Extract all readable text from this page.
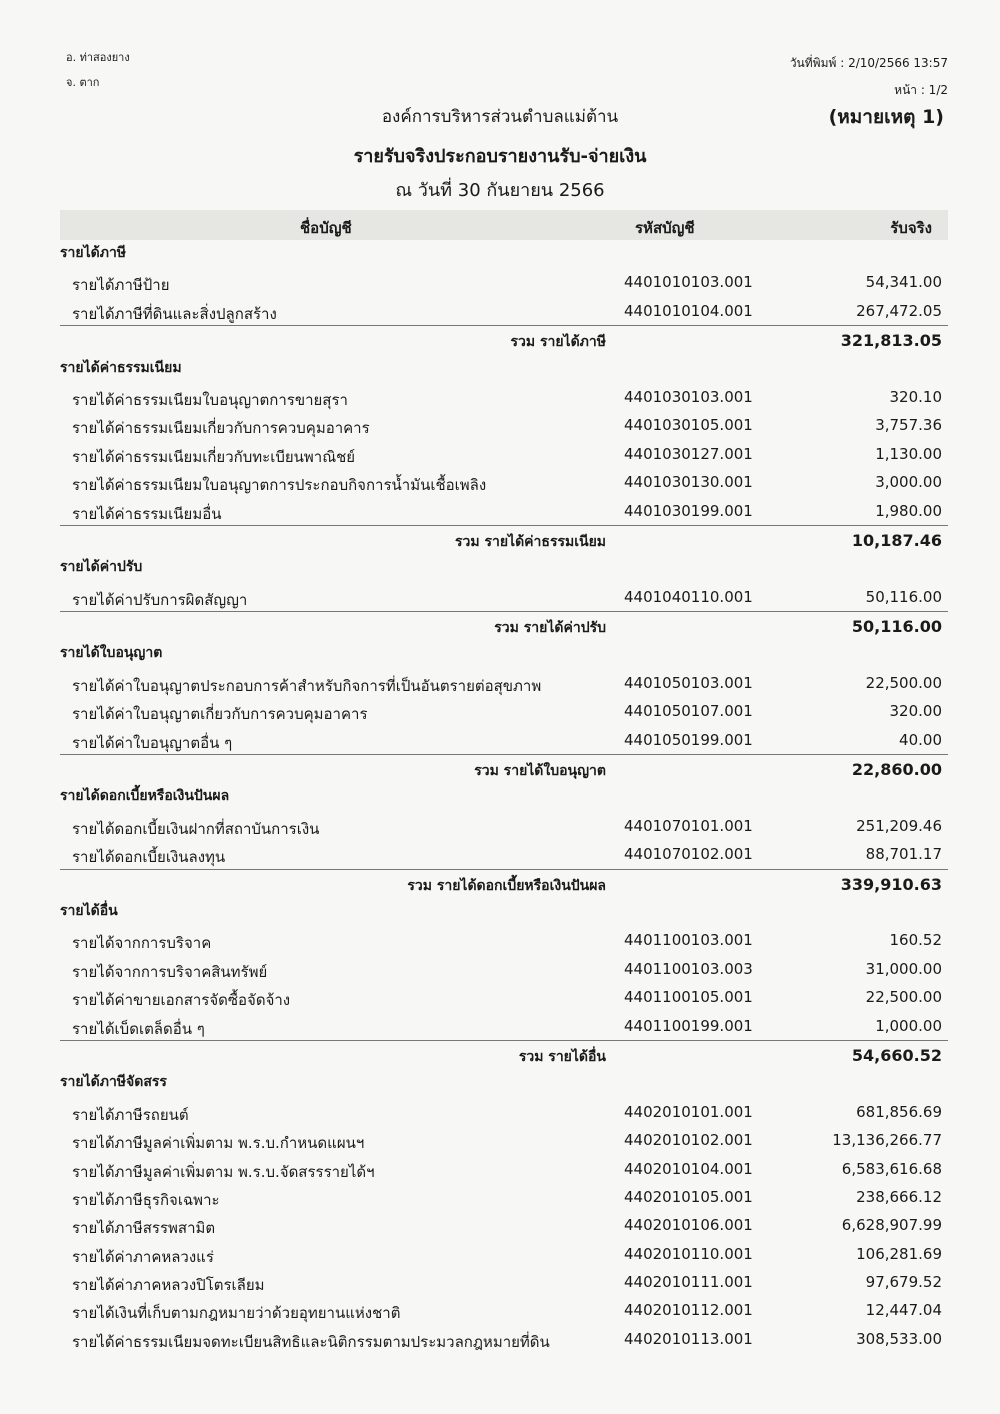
อ. ท่าสองยาง
จ. ตาก
วันที่พิมพ์ : 2/10/2566 13:57
หน้า : 1/2
องค์การบริหารส่วนตำบลแม่ต้าน	(หมายเหตุ 1)
รายรับจริงประกอบรายงานรับ-จ่ายเงิน
ณ วันที่ 30 กันยายน 2566
ชื่อบัญชี	รหัสบัญชี	รับจริง
รายได้ภาษี
รายได้ภาษีป้าย	4401010103.001	54,341.00
รายได้ภาษีที่ดินและสิ่งปลูกสร้าง	4401010104.001	267,472.05
รวม รายได้ภาษี	321,813.05
รายได้ค่าธรรมเนียม
รายได้ค่าธรรมเนียมใบอนุญาตการขายสุรา	4401030103.001	320.10
รายได้ค่าธรรมเนียมเกี่ยวกับการควบคุมอาคาร	4401030105.001	3,757.36
รายได้ค่าธรรมเนียมเกี่ยวกับทะเบียนพาณิชย์	4401030127.001	1,130.00
รายได้ค่าธรรมเนียมใบอนุญาตการประกอบกิจการน้ำมันเชื้อเพลิง	4401030130.001	3,000.00
รายได้ค่าธรรมเนียมอื่น	4401030199.001	1,980.00
รวม รายได้ค่าธรรมเนียม	10,187.46
รายได้ค่าปรับ
รายได้ค่าปรับการผิดสัญญา	4401040110.001	50,116.00
รวม รายได้ค่าปรับ	50,116.00
รายได้ใบอนุญาต
รายได้ค่าใบอนุญาตประกอบการค้าสำหรับกิจการที่เป็นอันตรายต่อสุขภาพ	4401050103.001	22,500.00
รายได้ค่าใบอนุญาตเกี่ยวกับการควบคุมอาคาร	4401050107.001	320.00
รายได้ค่าใบอนุญาตอื่น ๆ	4401050199.001	40.00
รวม รายได้ใบอนุญาต	22,860.00
รายได้ดอกเบี้ยหรือเงินปันผล
รายได้ดอกเบี้ยเงินฝากที่สถาบันการเงิน	4401070101.001	251,209.46
รายได้ดอกเบี้ยเงินลงทุน	4401070102.001	88,701.17
รวม รายได้ดอกเบี้ยหรือเงินปันผล	339,910.63
รายได้อื่น
รายได้จากการบริจาค	4401100103.001	160.52
รายได้จากการบริจาคสินทรัพย์	4401100103.003	31,000.00
รายได้ค่าขายเอกสารจัดซื้อจัดจ้าง	4401100105.001	22,500.00
รายได้เบ็ดเตล็ดอื่น ๆ	4401100199.001	1,000.00
รวม รายได้อื่น	54,660.52
รายได้ภาษีจัดสรร
รายได้ภาษีรถยนต์	4402010101.001	681,856.69
รายได้ภาษีมูลค่าเพิ่มตาม พ.ร.บ.กำหนดแผนฯ	4402010102.001	13,136,266.77
รายได้ภาษีมูลค่าเพิ่มตาม พ.ร.บ.จัดสรรรายได้ฯ	4402010104.001	6,583,616.68
รายได้ภาษีธุรกิจเฉพาะ	4402010105.001	238,666.12
รายได้ภาษีสรรพสามิต	4402010106.001	6,628,907.99
รายได้ค่าภาคหลวงแร่	4402010110.001	106,281.69
รายได้ค่าภาคหลวงปิโตรเลียม	4402010111.001	97,679.52
รายได้เงินที่เก็บตามกฎหมายว่าด้วยอุทยานแห่งชาติ	4402010112.001	12,447.04
รายได้ค่าธรรมเนียมจดทะเบียนสิทธิและนิติกรรมตามประมวลกฎหมายที่ดิน	4402010113.001	308,533.00
